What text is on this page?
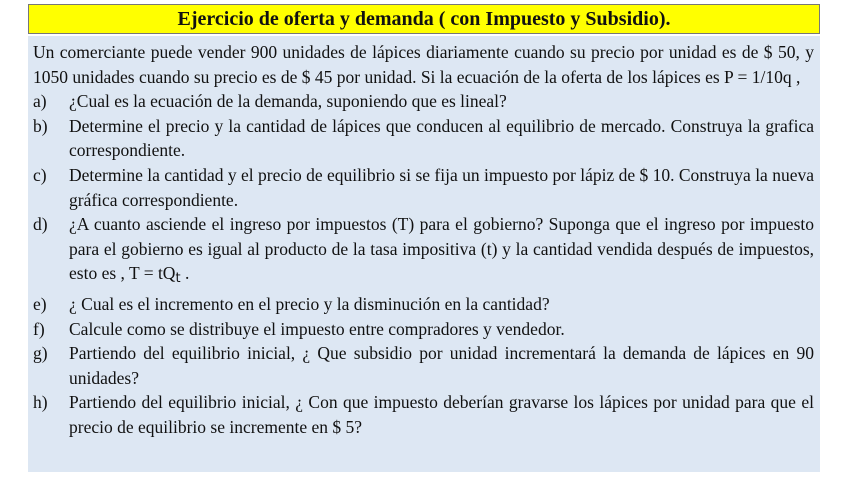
Ejercicio de oferta y demanda ( con Impuesto y Subsidio).

Un comerciante puede vender 900 unidades de lápices diariamente cuando su precio por unidad es de $ 50, y 1050 unidades cuando su precio es de $ 45 por unidad. Si la ecuación de la oferta de los lápices es P = 1/10q ,

a)	¿Cual es la ecuación de la demanda, suponiendo que es lineal?
b)	Determine el precio y la cantidad de lápices que conducen al equilibrio de mercado. Construya la grafica correspondiente.
c)	Determine la cantidad y el precio de equilibrio si se fija un impuesto por lápiz de $ 10. Construya la nueva gráfica correspondiente.
d)	¿A cuanto asciende el ingreso por impuestos (T) para el gobierno? Suponga que el ingreso por impuesto para el gobierno es igual al producto de la tasa impositiva (t) y la cantidad vendida después de impuestos, esto es , $T = tQ_t$ .
e)	¿ Cual es el incremento en el precio y la disminución en la cantidad?
f)	Calcule como se distribuye el impuesto entre compradores y vendedor.
g)	Partiendo del equilibrio inicial, ¿ Que subsidio por unidad incrementará la demanda de lápices en 90 unidades?
h)	Partiendo del equilibrio inicial, ¿ Con que impuesto deberían gravarse los lápices por unidad para que el precio de equilibrio se incremente en $ 5?
